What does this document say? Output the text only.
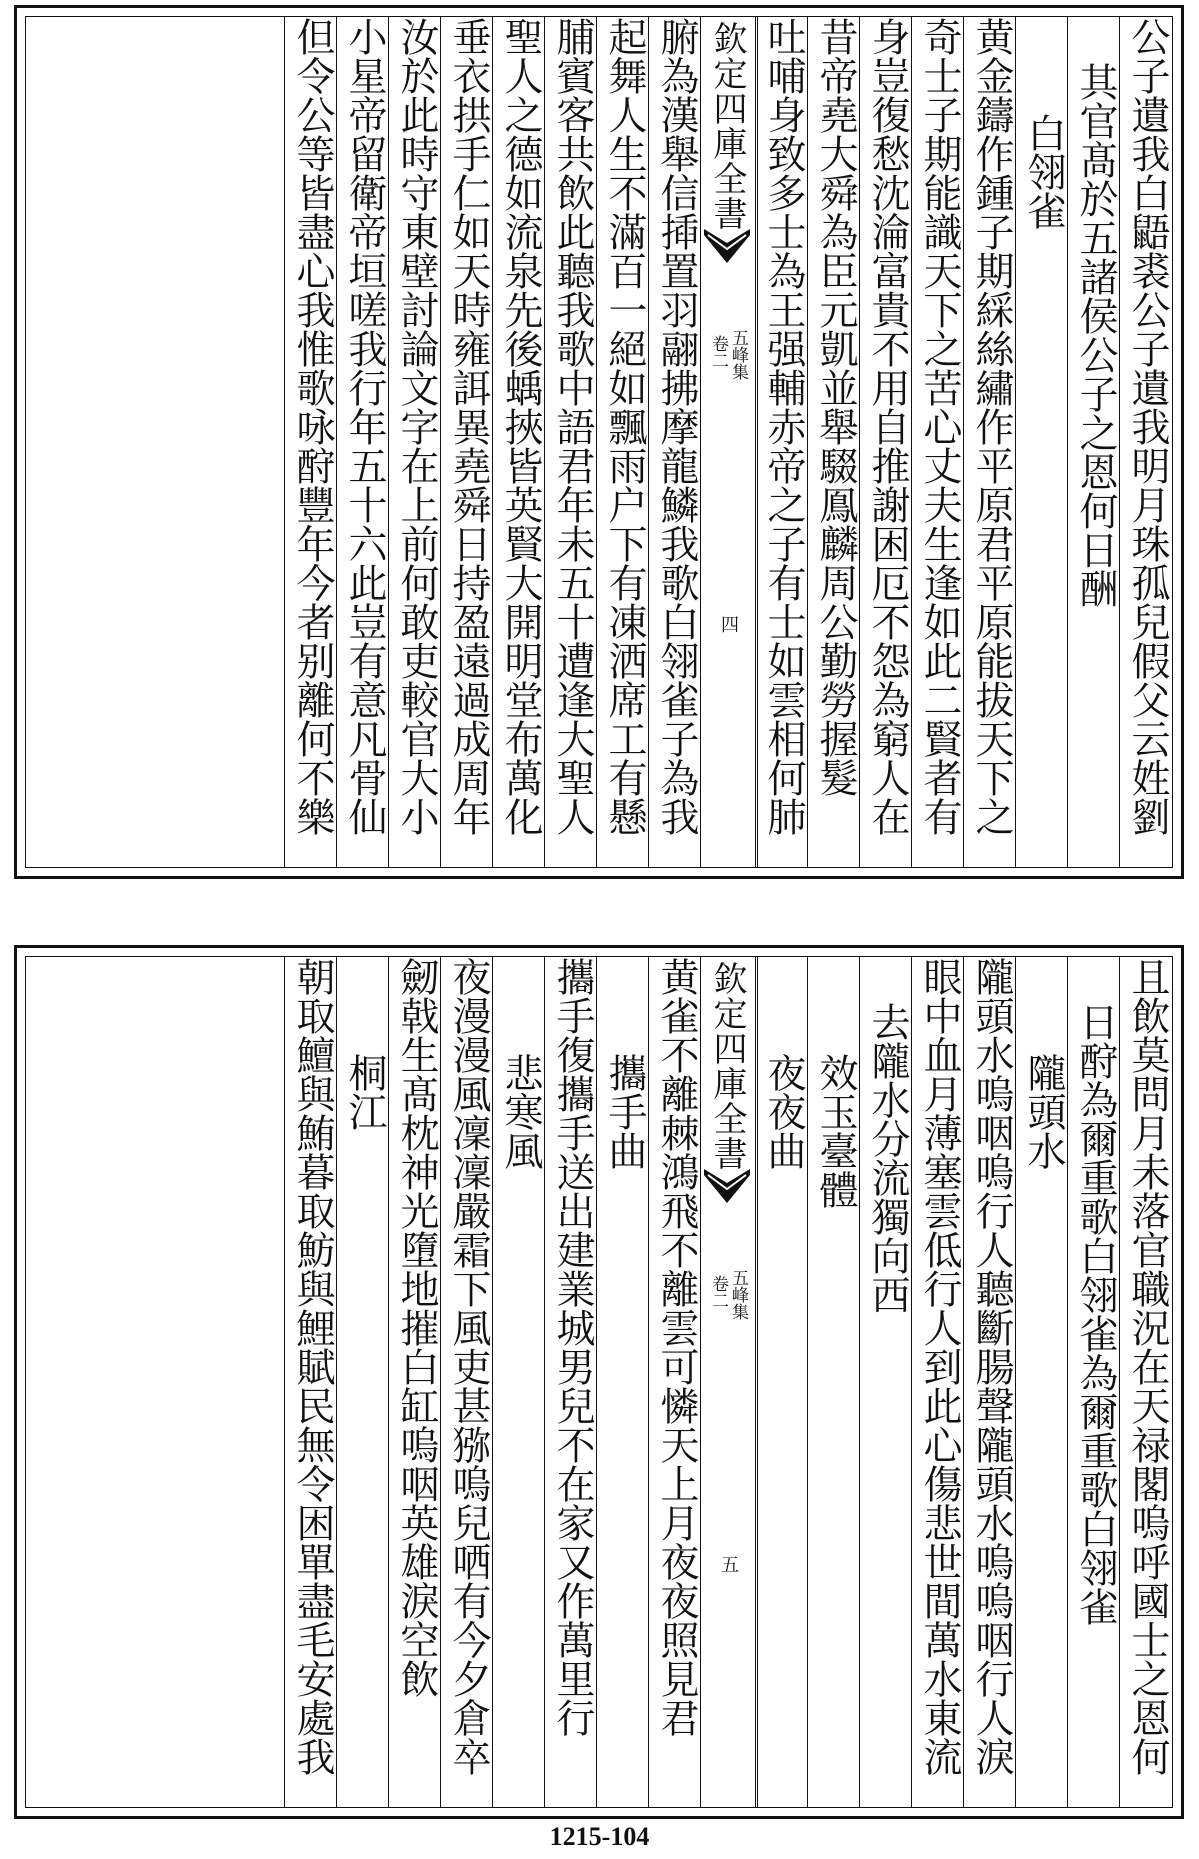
公子遺我白鼯裘公子遺我明月珠孤兒假父云姓劉
其官髙於五諸侯公子之恩何日酬
白翎雀
黄金鑄作鍾子期綵絲繡作平原君平原能拔天下之
奇士子期能識天下之苦心丈夫生逢如此二賢者有
身豈復愁沈淪富貴不用自推謝困厄不怨為窮人在
昔帝堯大舜為臣元凱並舉䮕鳯麟周公勤勞握髮
吐哺身致多士為王强輔赤帝之子有士如雲相何肺
欽定四庫全書
五峰集
卷二
四
腑為漢舉信揷置羽翮拂摩龍鱗我歌白翎雀子為我
起舞人生不滿百一絕如飄雨户下有凍洒席工有懸
脯賓客共飲此聽我歌中語君年未五十遭逢大聖人
聖人之德如流泉先後蝺挾皆英賢大開明堂布萬化
垂衣拱手仁如天時雍誀異堯舜日持盈遠過成周年
汝於此時守東壁討論文字在上前何敢吏較官大小
小星帝留衛帝垣嗟我行年五十六此豈有意凡骨仙
但令公等皆盡心我惟歌咏酧豐年今者别離何不樂
且飲莫問月未落官職況在天禄閣嗚呼國士之恩何
日酧為爾重歌白翎雀為爾重歌白翎雀
隴頭水
隴頭水嗚咽嗚行人聽斷腸聲隴頭水嗚嗚咽行人淚
眼中血月薄塞雲低行人到此心傷悲世間萬水東流
去隴水分流獨向西
效玉臺體
夜夜曲
欽定四庫全書
五峰集
卷二
五
黄雀不離棘鴻飛不離雲可憐天上月夜夜照見君
攜手曲
攜手復攜手送出建業城男兒不在家又作萬里行
悲寒風
夜漫漫風凜凜嚴霜下風吏甚猕嗚兒哂有今夕倉卒
劒戟生髙枕神光墮地摧白缸嗚咽英雄淚空飲
桐江
朝取鱣與鮪暮取魴與鯉賦民無令困單盡毛安處我
1215-104
